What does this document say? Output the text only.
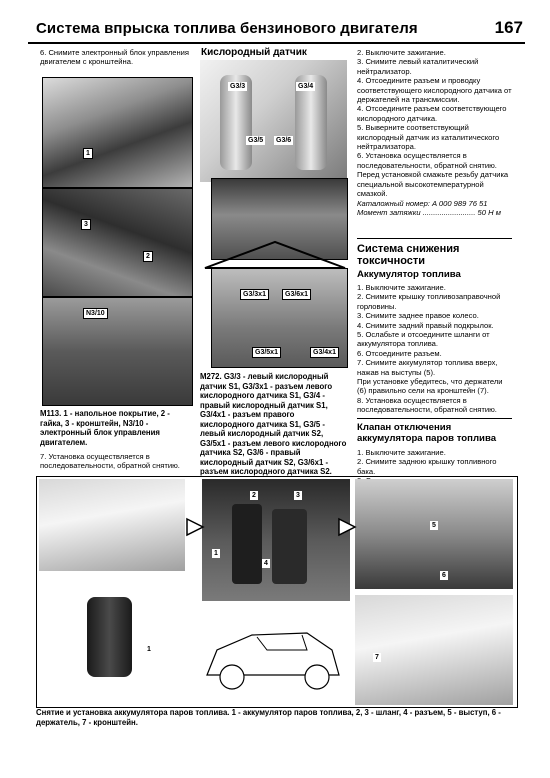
Система впрыска топлива бензинового двигателя	167
6. Снимите электронный блок управления двигателем с кронштейна.
1
3
2
N3/10
M113. 1 - напольное покрытие, 2 - гайка, 3 - кронштейн, N3/10 - электронный блок управления двигателем.
7. Установка осуществляется в последовательности, обратной снятию.
Кислородный датчик
G3/3
G3/5
G3/4
G3/6
G3/3x1	G3/6x1
G3/5x1	G3/4x1
M272. G3/3 - левый кислородный датчик S1, G3/3x1 - разъем левого кислородного датчика S1, G3/4 - правый кислородный датчик S1, G3/4x1 - разъем правого кислородного датчика S1, G3/5 - левый кислородный датчик S2, G3/5x1 - разъем левого кислородного датчика S2, G3/6 - правый кислородный датчик S2, G3/6x1 - разъем кислородного датчика S2.

2. Выключите зажигание.

3. Снимите левый каталитический нейтрализатор.

4. Отсоедините разъем и проводку соответствующего кислородного датчика от держателей на трансмиссии.

4. Отсоедините разъем соответствующего кислородного датчика.

5. Выверните соответствующий кислородный датчик из каталитического нейтрализатора.

6. Установка осуществляется в последовательности, обратной снятию.

Перед установкой смажьте резьбу датчика специальной высокотемпературной смазкой.

Каталожный номер: A 000 989 76 51

Момент затяжки ......................... 50 Н м

Система снижения токсичности
Аккумулятор топлива

1. Выключите зажигание.

2. Снимите крышку топливозаправочной горловины.

3. Снимите заднее правое колесо.

4. Снимите задний правый подкрылок.

5. Ослабьте и отсоедините шланги от аккумулятора топлива.

6. Отсоедините разъем.

7. Снимите аккумулятор топлива вверх, нажав на выступы (5).

При установке убедитесь, что держатели (6) правильно сели на кронштейн (7).

8. Установка осуществляется в последовательности, обратной снятию.

Клапан отключения аккумулятора паров топлива

1. Выключите зажигание.

2. Снимите заднюю крышку топливного бака.

2	3
1
4
5
6
7
1
Снятие и установка аккумулятора паров топлива. 1 - аккумулятор паров топлива, 2, 3 - шланг, 4 - разъем, 5 - выступ, 6 - держатель, 7 - кронштейн.
